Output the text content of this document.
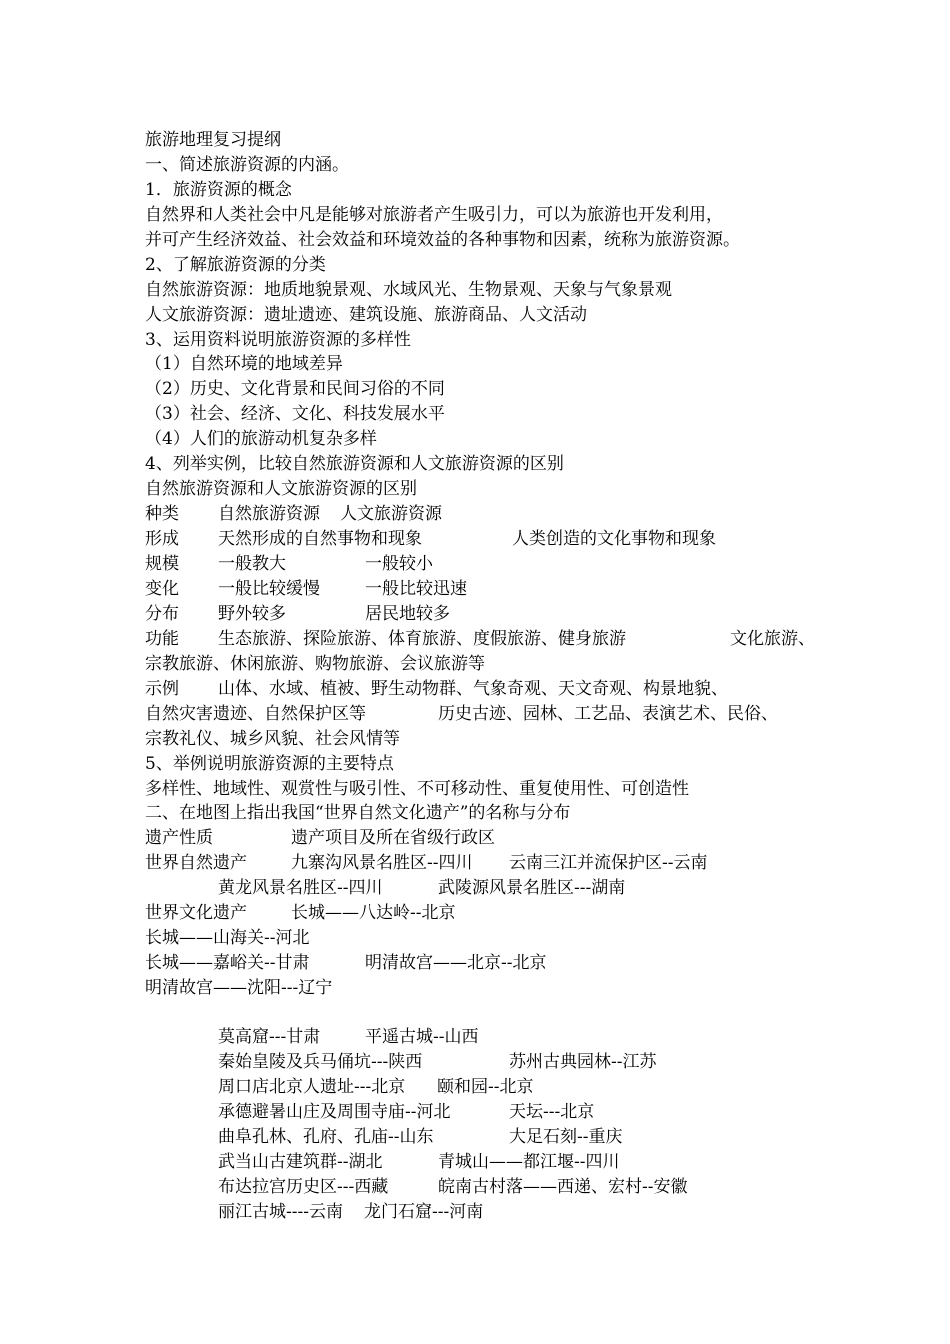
旅游地理复习提纲
一、简述旅游资源的内涵。
1．旅游资源的概念
自然界和人类社会中凡是能够对旅游者产生吸引力，可以为旅游也开发利用，
并可产生经济效益、社会效益和环境效益的各种事物和因素，统称为旅游资源。
2、了解旅游资源的分类
自然旅游资源：地质地貌景观、水域风光、生物景观、天象与气象景观
人文旅游资源：遗址遗迹、建筑设施、旅游商品、人文活动
3、运用资料说明旅游资源的多样性
（1）自然环境的地域差异
（2）历史、文化背景和民间习俗的不同
（3）社会、经济、文化、科技发展水平
（4）人们的旅游动机复杂多样
4、列举实例，比较自然旅游资源和人文旅游资源的区别
自然旅游资源和人文旅游资源的区别
种类 自然旅游资源 人文旅游资源
形成 天然形成的自然事物和现象	人类创造的文化事物和现象
规模 一般教大	一般较小
变化 一般比较缓慢	一般比较迅速
分布 野外较多	居民地较多
功能 生态旅游、探险旅游、体育旅游、度假旅游、健身旅游	文化旅游、
宗教旅游、休闲旅游、购物旅游、会议旅游等
示例 山体、水域、植被、野生动物群、气象奇观、天文奇观、构景地貌、
自然灾害遗迹、自然保护区等	历史古迹、园林、工艺品、表演艺术、民俗、
宗教礼仪、城乡风貌、社会风情等
5、举例说明旅游资源的主要特点
多样性、地域性、观赏性与吸引性、不可移动性、重复使用性、可创造性
二、在地图上指出我国“世界自然文化遗产”的名称与分布
遗产性质	遗产项目及所在省级行政区
世界自然遗产	九寨沟风景名胜区--四川 云南三江并流保护区--云南
黄龙风景名胜区--四川	武陵源风景名胜区---湖南
世界文化遗产	长城——八达岭--北京
长城——山海关--河北
长城——嘉峪关--甘肃	明清故宫——北京--北京
明清故宫——沈阳---辽宁
莫高窟---甘肃	平遥古城--山西
秦始皇陵及兵马俑坑---陕西	苏州古典园林--江苏
周口店北京人遗址---北京 颐和园--北京
承德避暑山庄及周围寺庙--河北	天坛---北京
曲阜孔林、孔府、孔庙--山东	大足石刻--重庆
武当山古建筑群--湖北	青城山——都江堰--四川
布达拉宫历史区---西藏	皖南古村落——西递、宏村--安徽
丽江古城----云南 龙门石窟---河南
